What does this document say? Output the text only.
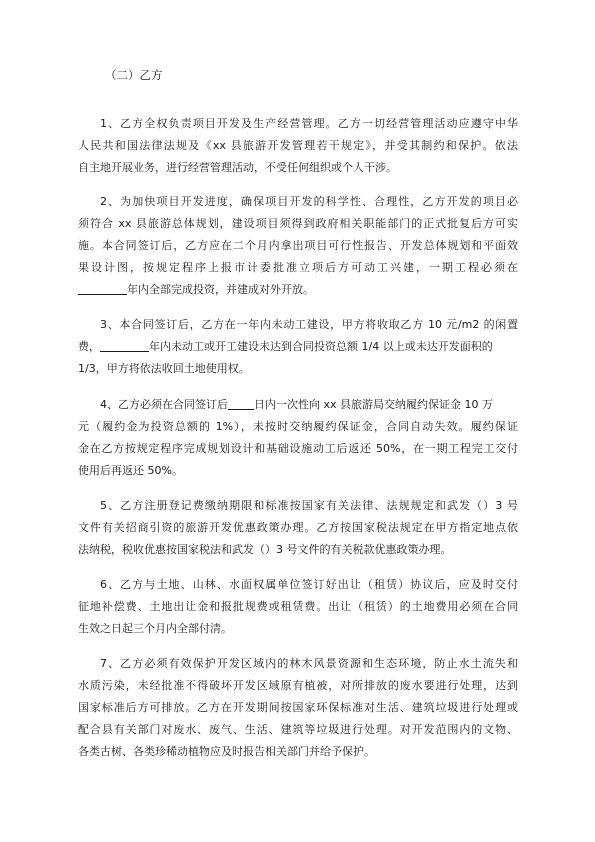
（二）乙方
1、乙方全权负责项目开发及生产经营管理。乙方一切经营管理活动应遵守中华
人民共和国法律法规及《xx 县旅游开发管理若干规定》，并受其制约和保护。依法
自主地开展业务，进行经营管理活动，不受任何组织或个人干涉。
2、为加快项目开发进度，确保项目开发的科学性、合理性，乙方开发的项目必
须符合 xx 县旅游总体规划，建设项目须得到政府相关职能部门的正式批复后方可实
施。本合同签订后，乙方应在二个月内拿出项目可行性报告、开发总体规划和平面效
果设计图，按规定程序上报市计委批准立项后方可动工兴建，一期工程必须在
年内全部完成投资，并建成对外开放。
3、本合同签订后，乙方在一年内未动工建设，甲方将收取乙方 10 元/m2 的闲置
费，	年内未动工或开工建设未达到合同投资总额 1/4 以上或未达开发面积的
1/3，甲方将依法收回土地使用权。
4、乙方必须在合同签订后 日内一次性向 xx 县旅游局交纳履约保证金 10 万
元（履约金为投资总额的 1%），未按时交纳履约保证金，合同自动失效。履约保证
金在乙方按规定程序完成规划设计和基础设施动工后返还 50%，在一期工程完工交付
使用后再返还 50%。
5、乙方注册登记费缴纳期限和标准按国家有关法律、法规规定和武发（）3 号
文件有关招商引资的旅游开发优惠政策办理。乙方按国家税法规定在甲方指定地点依
法纳税，税收优惠按国家税法和武发（）3 号文件的有关税款优惠政策办理。
6、乙方与土地、山林、水面权属单位签订好出让（租赁）协议后，应及时交付
征地补偿费、土地出让金和报批规费或租赁费。出让（租赁）的土地费用必须在合同
生效之日起三个月内全部付清。
7、乙方必须有效保护开发区域内的林木风景资源和生态环境，防止水土流失和
水质污染，未经批准不得破坏开发区域原有植被，对所排放的废水要进行处理，达到
国家标准后方可排放。乙方在开发期间按国家环保标准对生活、建筑垃圾进行处理或
配合县有关部门对废水、废气、生活、建筑等垃圾进行处理。对开发范围内的文物、
各类古树、各类珍稀动植物应及时报告相关部门并给予保护。
